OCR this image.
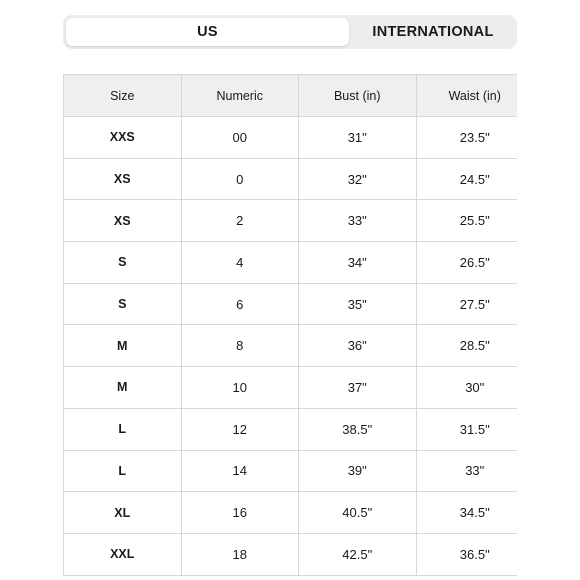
US	INTERNATIONAL
Size	Numeric	Bust (in)	Waist (in)
XXS	00	31"	23.5"
XS	0	32"	24.5"
XS	2	33"	25.5"
S	4	34"	26.5"
S	6	35"	27.5"
M	8	36"	28.5"
M	10	37"	30"
L	12	38.5"	31.5"
L	14	39"	33"
XL	16	40.5"	34.5"
XXL	18	42.5"	36.5"
